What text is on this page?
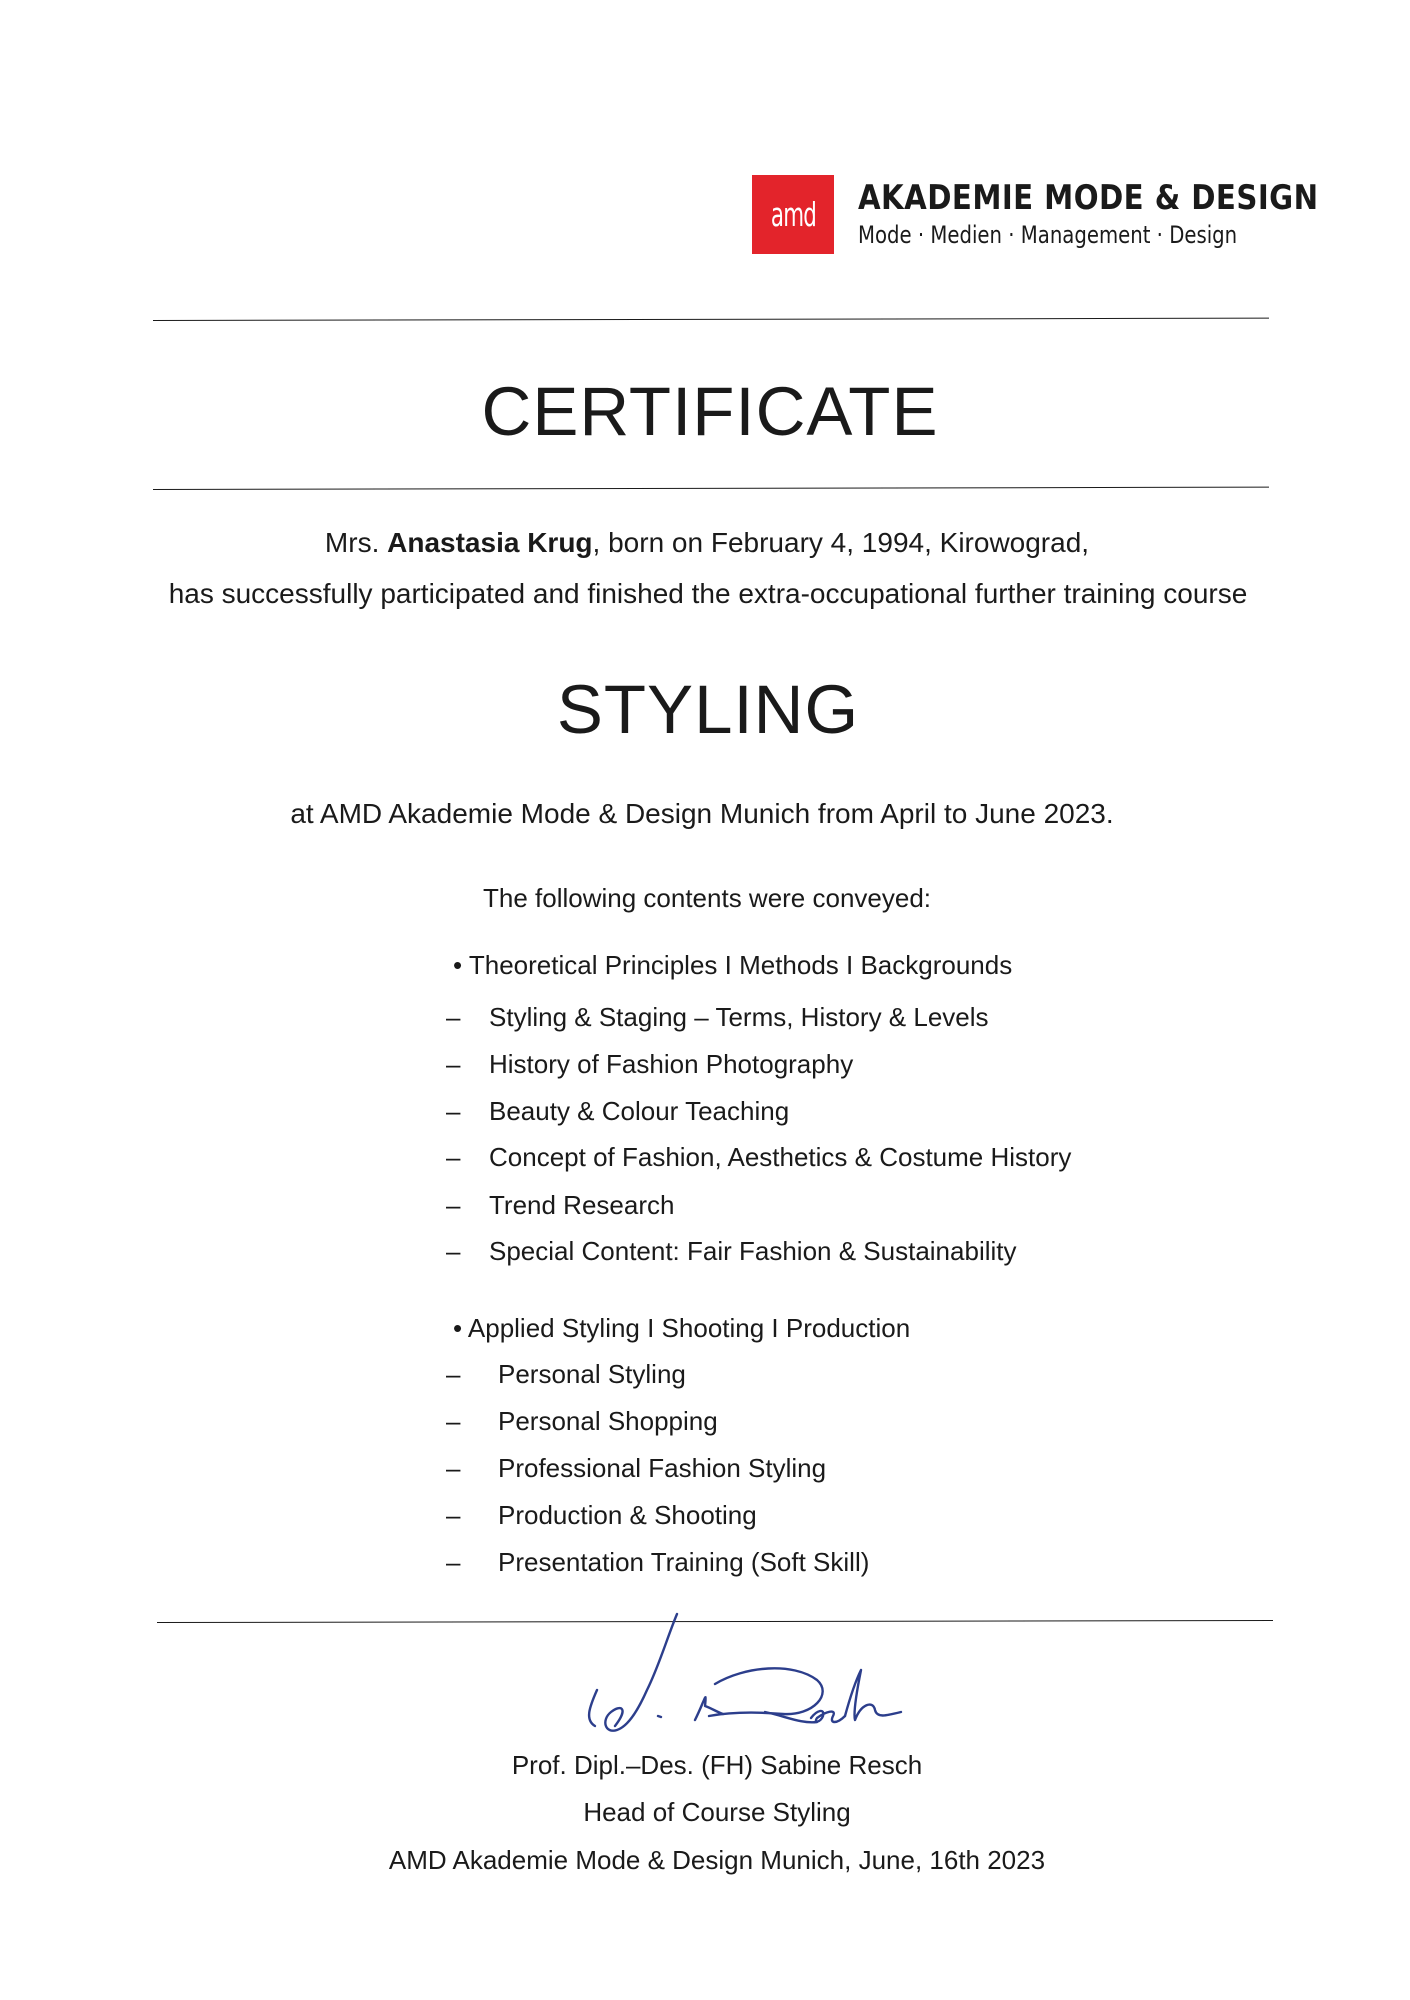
amd AKADEMIE MODE & DESIGN
Mode · Medien · Management · Design
CERTIFICATE
Mrs. Anastasia Krug, born on February 4, 1994, Kirowograd,
has successfully participated and finished the extra-occupational further training course
STYLING
at AMD Akademie Mode & Design Munich from April to June 2023.
The following contents were conveyed:
• Theoretical Principles I Methods I Backgrounds
– Styling & Staging – Terms, History & Levels
– History of Fashion Photography
– Beauty & Colour Teaching
– Concept of Fashion, Aesthetics & Costume History
– Trend Research
– Special Content: Fair Fashion & Sustainability
• Applied Styling I Shooting I Production
– Personal Styling
– Personal Shopping
– Professional Fashion Styling
– Production & Shooting
– Presentation Training (Soft Skill)
Prof. Dipl.–Des. (FH) Sabine Resch
Head of Course Styling
AMD Akademie Mode & Design Munich, June, 16th 2023
